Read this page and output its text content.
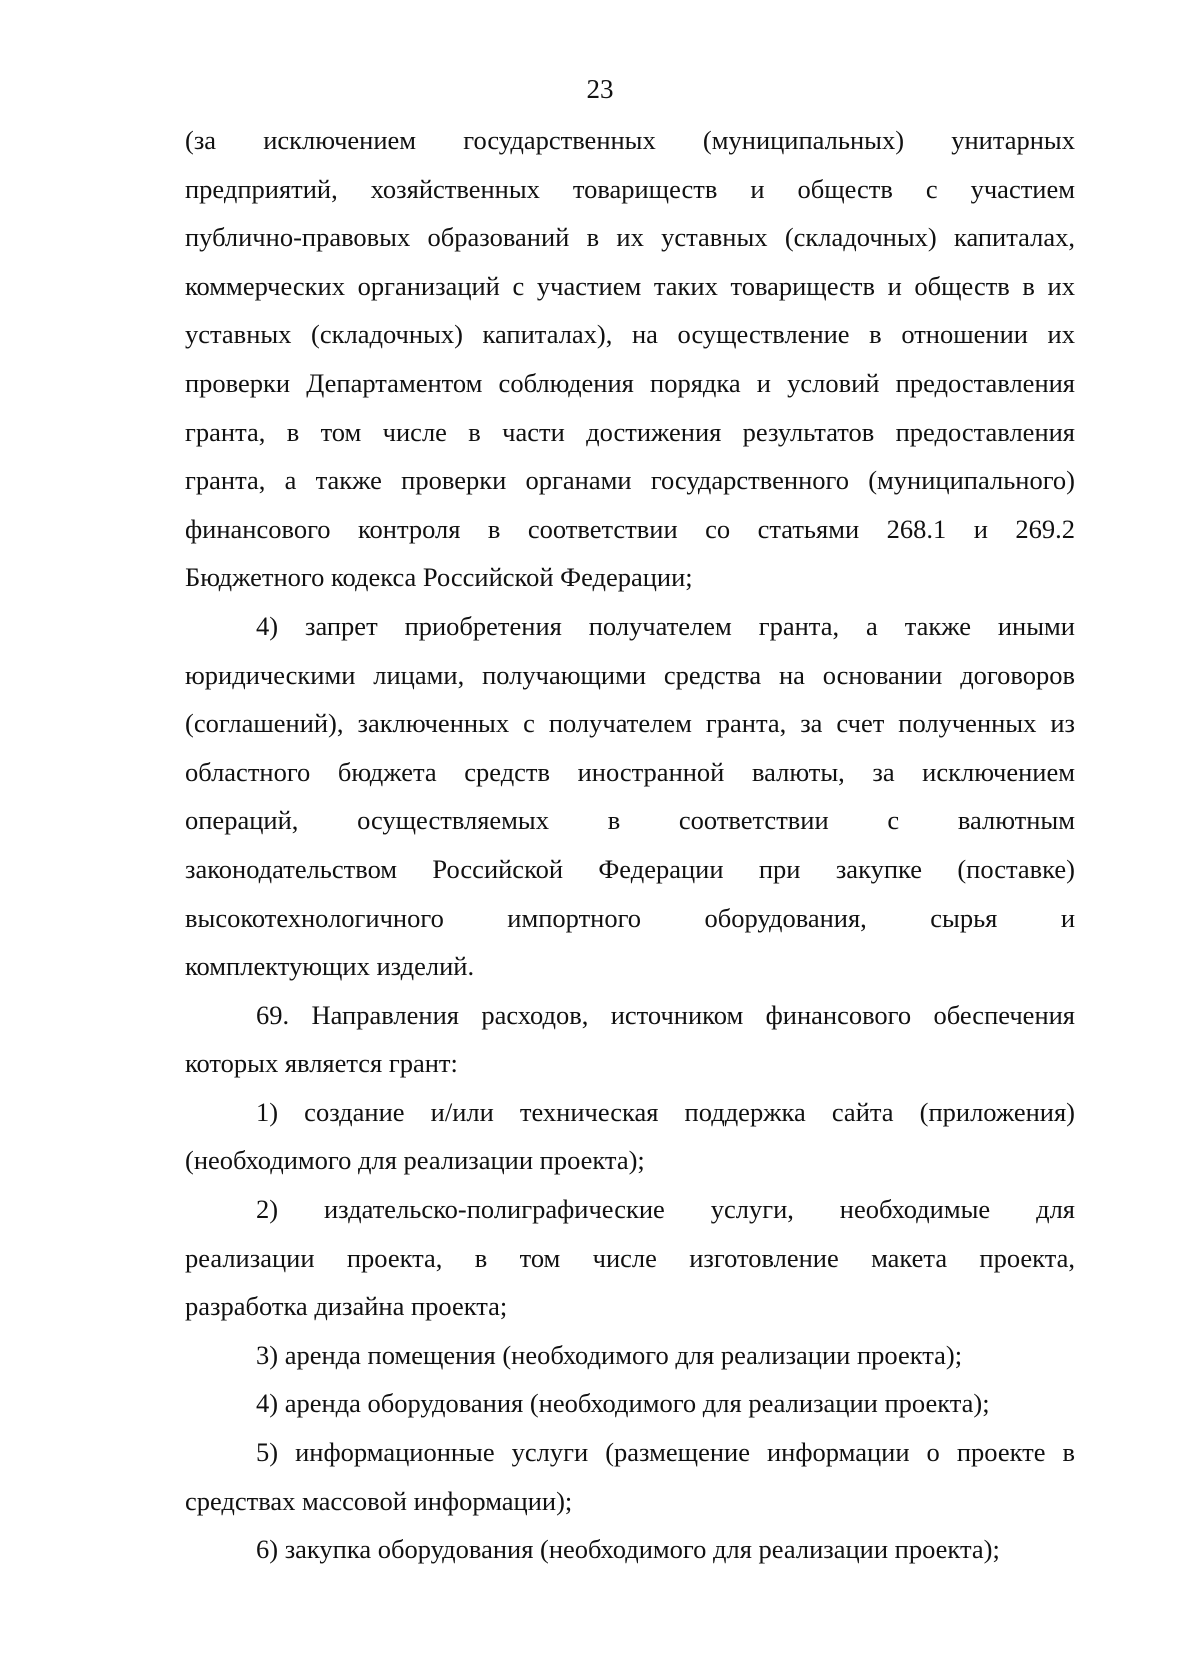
23
(за исключением государственных (муниципальных) унитарных
предприятий, хозяйственных товариществ и обществ с участием
публично-правовых образований в их уставных (складочных) капиталах,
коммерческих организаций с участием таких товариществ и обществ в их
уставных (складочных) капиталах), на осуществление в отношении их
проверки Департаментом соблюдения порядка и условий предоставления
гранта, в том числе в части достижения результатов предоставления
гранта, а также проверки органами государственного (муниципального)
финансового контроля в соответствии со статьями 268.1 и 269.2
Бюджетного кодекса Российской Федерации;
4) запрет приобретения получателем гранта, а также иными
юридическими лицами, получающими средства на основании договоров
(соглашений), заключенных с получателем гранта, за счет полученных из
областного бюджета средств иностранной валюты, за исключением
операций, осуществляемых в соответствии с валютным
законодательством Российской Федерации при закупке (поставке)
высокотехнологичного импортного оборудования, сырья и
комплектующих изделий.
69. Направления расходов, источником финансового обеспечения
которых является грант:
1) создание и/или техническая поддержка сайта (приложения)
(необходимого для реализации проекта);
2) издательско-полиграфические услуги, необходимые для
реализации проекта, в том числе изготовление макета проекта,
разработка дизайна проекта;
3) аренда помещения (необходимого для реализации проекта);
4) аренда оборудования (необходимого для реализации проекта);
5) информационные услуги (размещение информации о проекте в
средствах массовой информации);
6) закупка оборудования (необходимого для реализации проекта);
